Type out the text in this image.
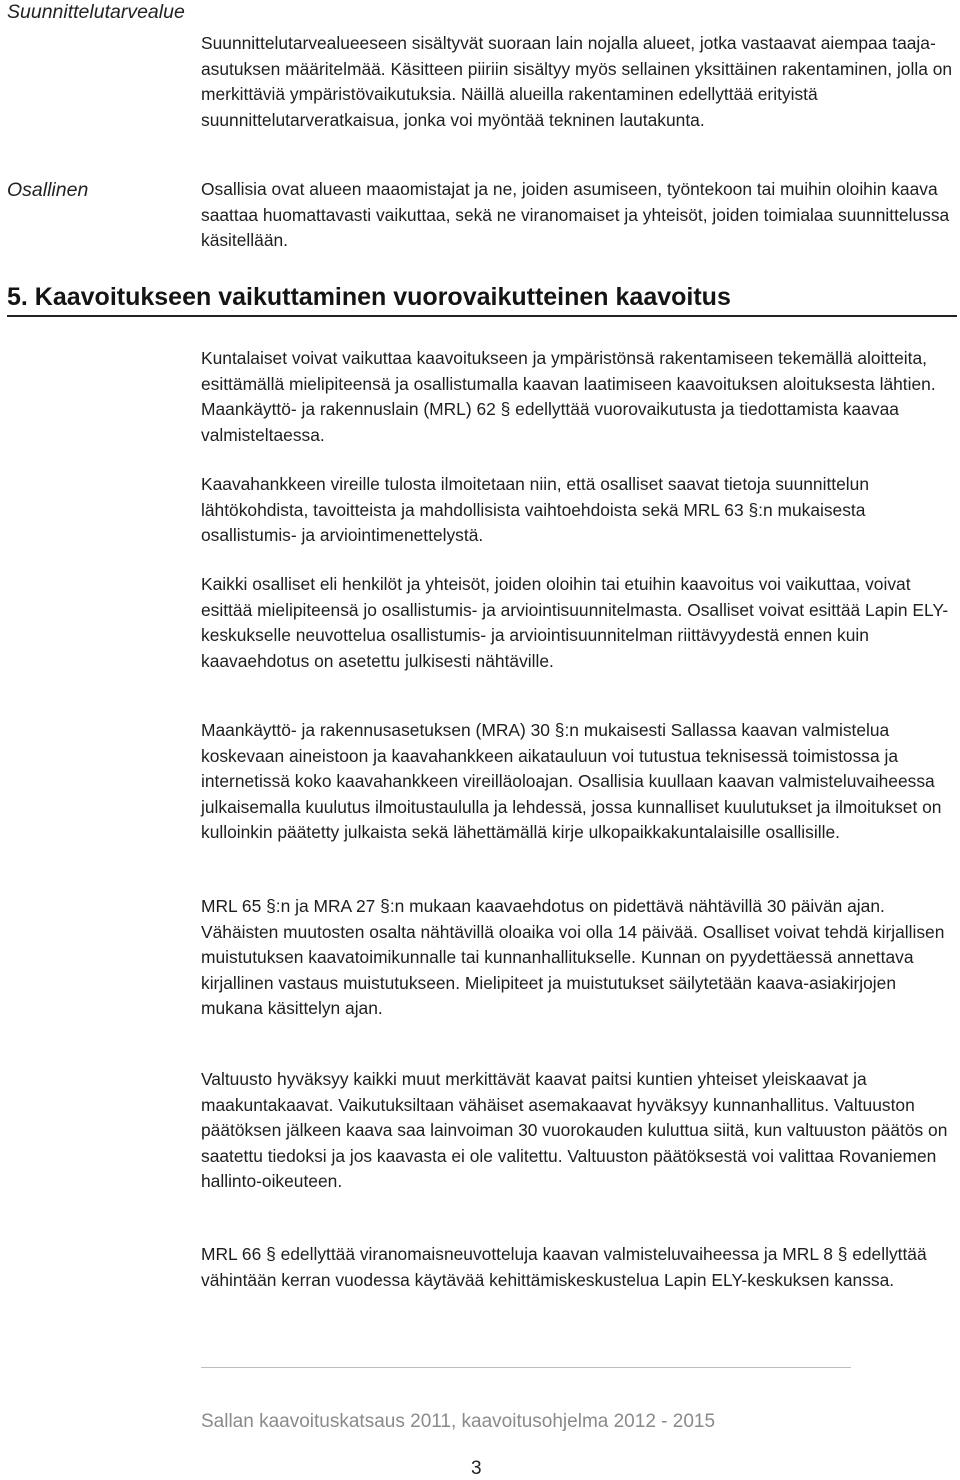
Suunnittelutarvealue

Suunnittelutarvealueeseen sisältyvät suoraan lain nojalla alueet, jotka vastaavat aiempaa taaja-asutuksen määritelmää. Käsitteen piiriin sisältyy myös sellainen yksittäinen rakentaminen, jolla on merkittäviä ympäristövaikutuksia. Näillä alueilla rakentaminen edellyttää erityistä suunnittelutarveratkaisua, jonka voi myöntää tekninen lautakunta.

Osallinen	Osallisia ovat alueen maaomistajat ja ne, joiden asumiseen, työntekoon tai muihin oloihin kaava saattaa huomattavasti vaikuttaa, sekä ne viranomaiset ja yhteisöt, joiden toimialaa suunnittelussa käsitellään.

5. Kaavoitukseen vaikuttaminen vuorovaikutteinen kaavoitus

Kuntalaiset voivat vaikuttaa kaavoitukseen ja ympäristönsä rakentamiseen tekemällä aloitteita, esittämällä mielipiteensä ja osallistumalla kaavan laatimiseen kaavoituksen aloituksesta lähtien. Maankäyttö- ja rakennuslain (MRL) 62 § edellyttää vuorovaikutusta ja tiedottamista kaavaa valmisteltaessa.

Kaavahankkeen vireille tulosta ilmoitetaan niin, että osalliset saavat tietoja suunnittelun lähtökohdista, tavoitteista ja mahdollisista vaihtoehdoista sekä MRL 63 §:n mukaisesta osallistumis- ja arviointimenettelystä.

Kaikki osalliset eli henkilöt ja yhteisöt, joiden oloihin tai etuihin kaavoitus voi vaikuttaa, voivat esittää mielipiteensä jo osallistumis- ja arviointisuunnitelmasta. Osalliset voivat esittää Lapin ELY-keskukselle neuvottelua osallistumis- ja arviointisuunnitelman riittävyydestä ennen kuin kaavaehdotus on asetettu julkisesti nähtäville.

Maankäyttö- ja rakennusasetuksen (MRA) 30 §:n mukaisesti Sallassa kaavan valmistelua koskevaan aineistoon ja kaavahankkeen aikatauluun voi tutustua teknisessä toimistossa ja internetissä koko kaavahankkeen vireilläoloajan. Osallisia kuullaan kaavan valmisteluvaiheessa julkaisemalla kuulutus ilmoitustaululla ja lehdessä, jossa kunnalliset kuulutukset ja ilmoitukset on kulloinkin päätetty julkaista sekä lähettämällä kirje ulkopaikkakuntalaisille osallisille.

MRL 65 §:n ja MRA 27 §:n mukaan kaavaehdotus on pidettävä nähtävillä 30 päivän ajan. Vähäisten muutosten osalta nähtävillä oloaika voi olla 14 päivää. Osalliset voivat tehdä kirjallisen muistutuksen kaavatoimikunnalle tai kunnanhallitukselle. Kunnan on pyydettäessä annettava kirjallinen vastaus muistutukseen. Mielipiteet ja muistutukset säilytetään kaava-asiakirjojen mukana käsittelyn ajan.

Valtuusto hyväksyy kaikki muut merkittävät kaavat paitsi kuntien yhteiset yleiskaavat ja maakuntakaavat. Vaikutuksiltaan vähäiset asemakaavat hyväksyy kunnanhallitus. Valtuuston päätöksen jälkeen kaava saa lainvoiman 30 vuorokauden kuluttua siitä, kun valtuuston päätös on saatettu tiedoksi ja jos kaavasta ei ole valitettu. Valtuuston päätöksestä voi valittaa Rovaniemen hallinto-oikeuteen.

MRL 66 § edellyttää viranomaisneuvotteluja kaavan valmisteluvaiheessa ja MRL 8 § edellyttää vähintään kerran vuodessa käytävää kehittämiskeskustelua Lapin ELY-keskuksen kanssa.

Sallan kaavoituskatsaus 2011, kaavoitusohjelma 2012 - 2015

3
